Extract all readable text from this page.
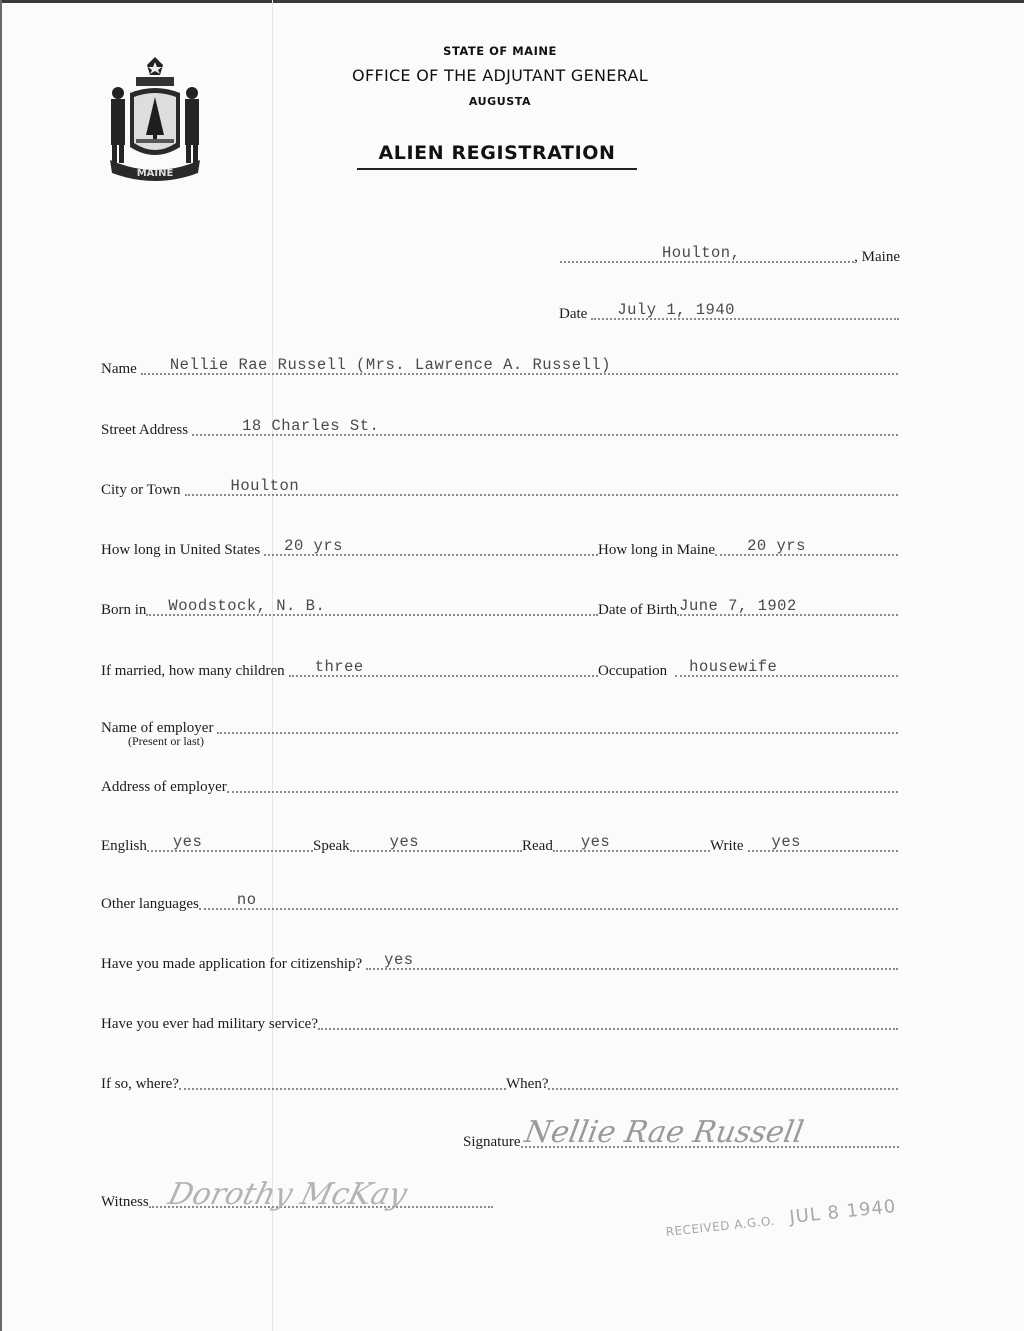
MAINE
STATE OF MAINE
OFFICE OF THE ADJUTANT GENERAL
AUGUSTA
ALIEN REGISTRATION
Houlton,	, Maine
Date July 1, 1940
Name Nellie Rae Russell (Mrs. Lawrence A. Russell)
Street Address	18 Charles St.
City or Town	Houlton
How long in United States 20 yrs	How long in Maine 20 yrs
Born in Woodstock, N. B.	Date of Birth June 7, 1902
If married, how many children three	Occupation housewife
Name of employer
(Present or last)
Address of employer
English yes	Speak	yes	Read yes	Write yes
Other languages no
Have you made application for citizenship? yes
Have you ever had military service?
If so, where?	When?
Signature Nellie Rae Russell
Witness Dorothy McKay
RECEIVED A.G.O. JUL 8 1940
